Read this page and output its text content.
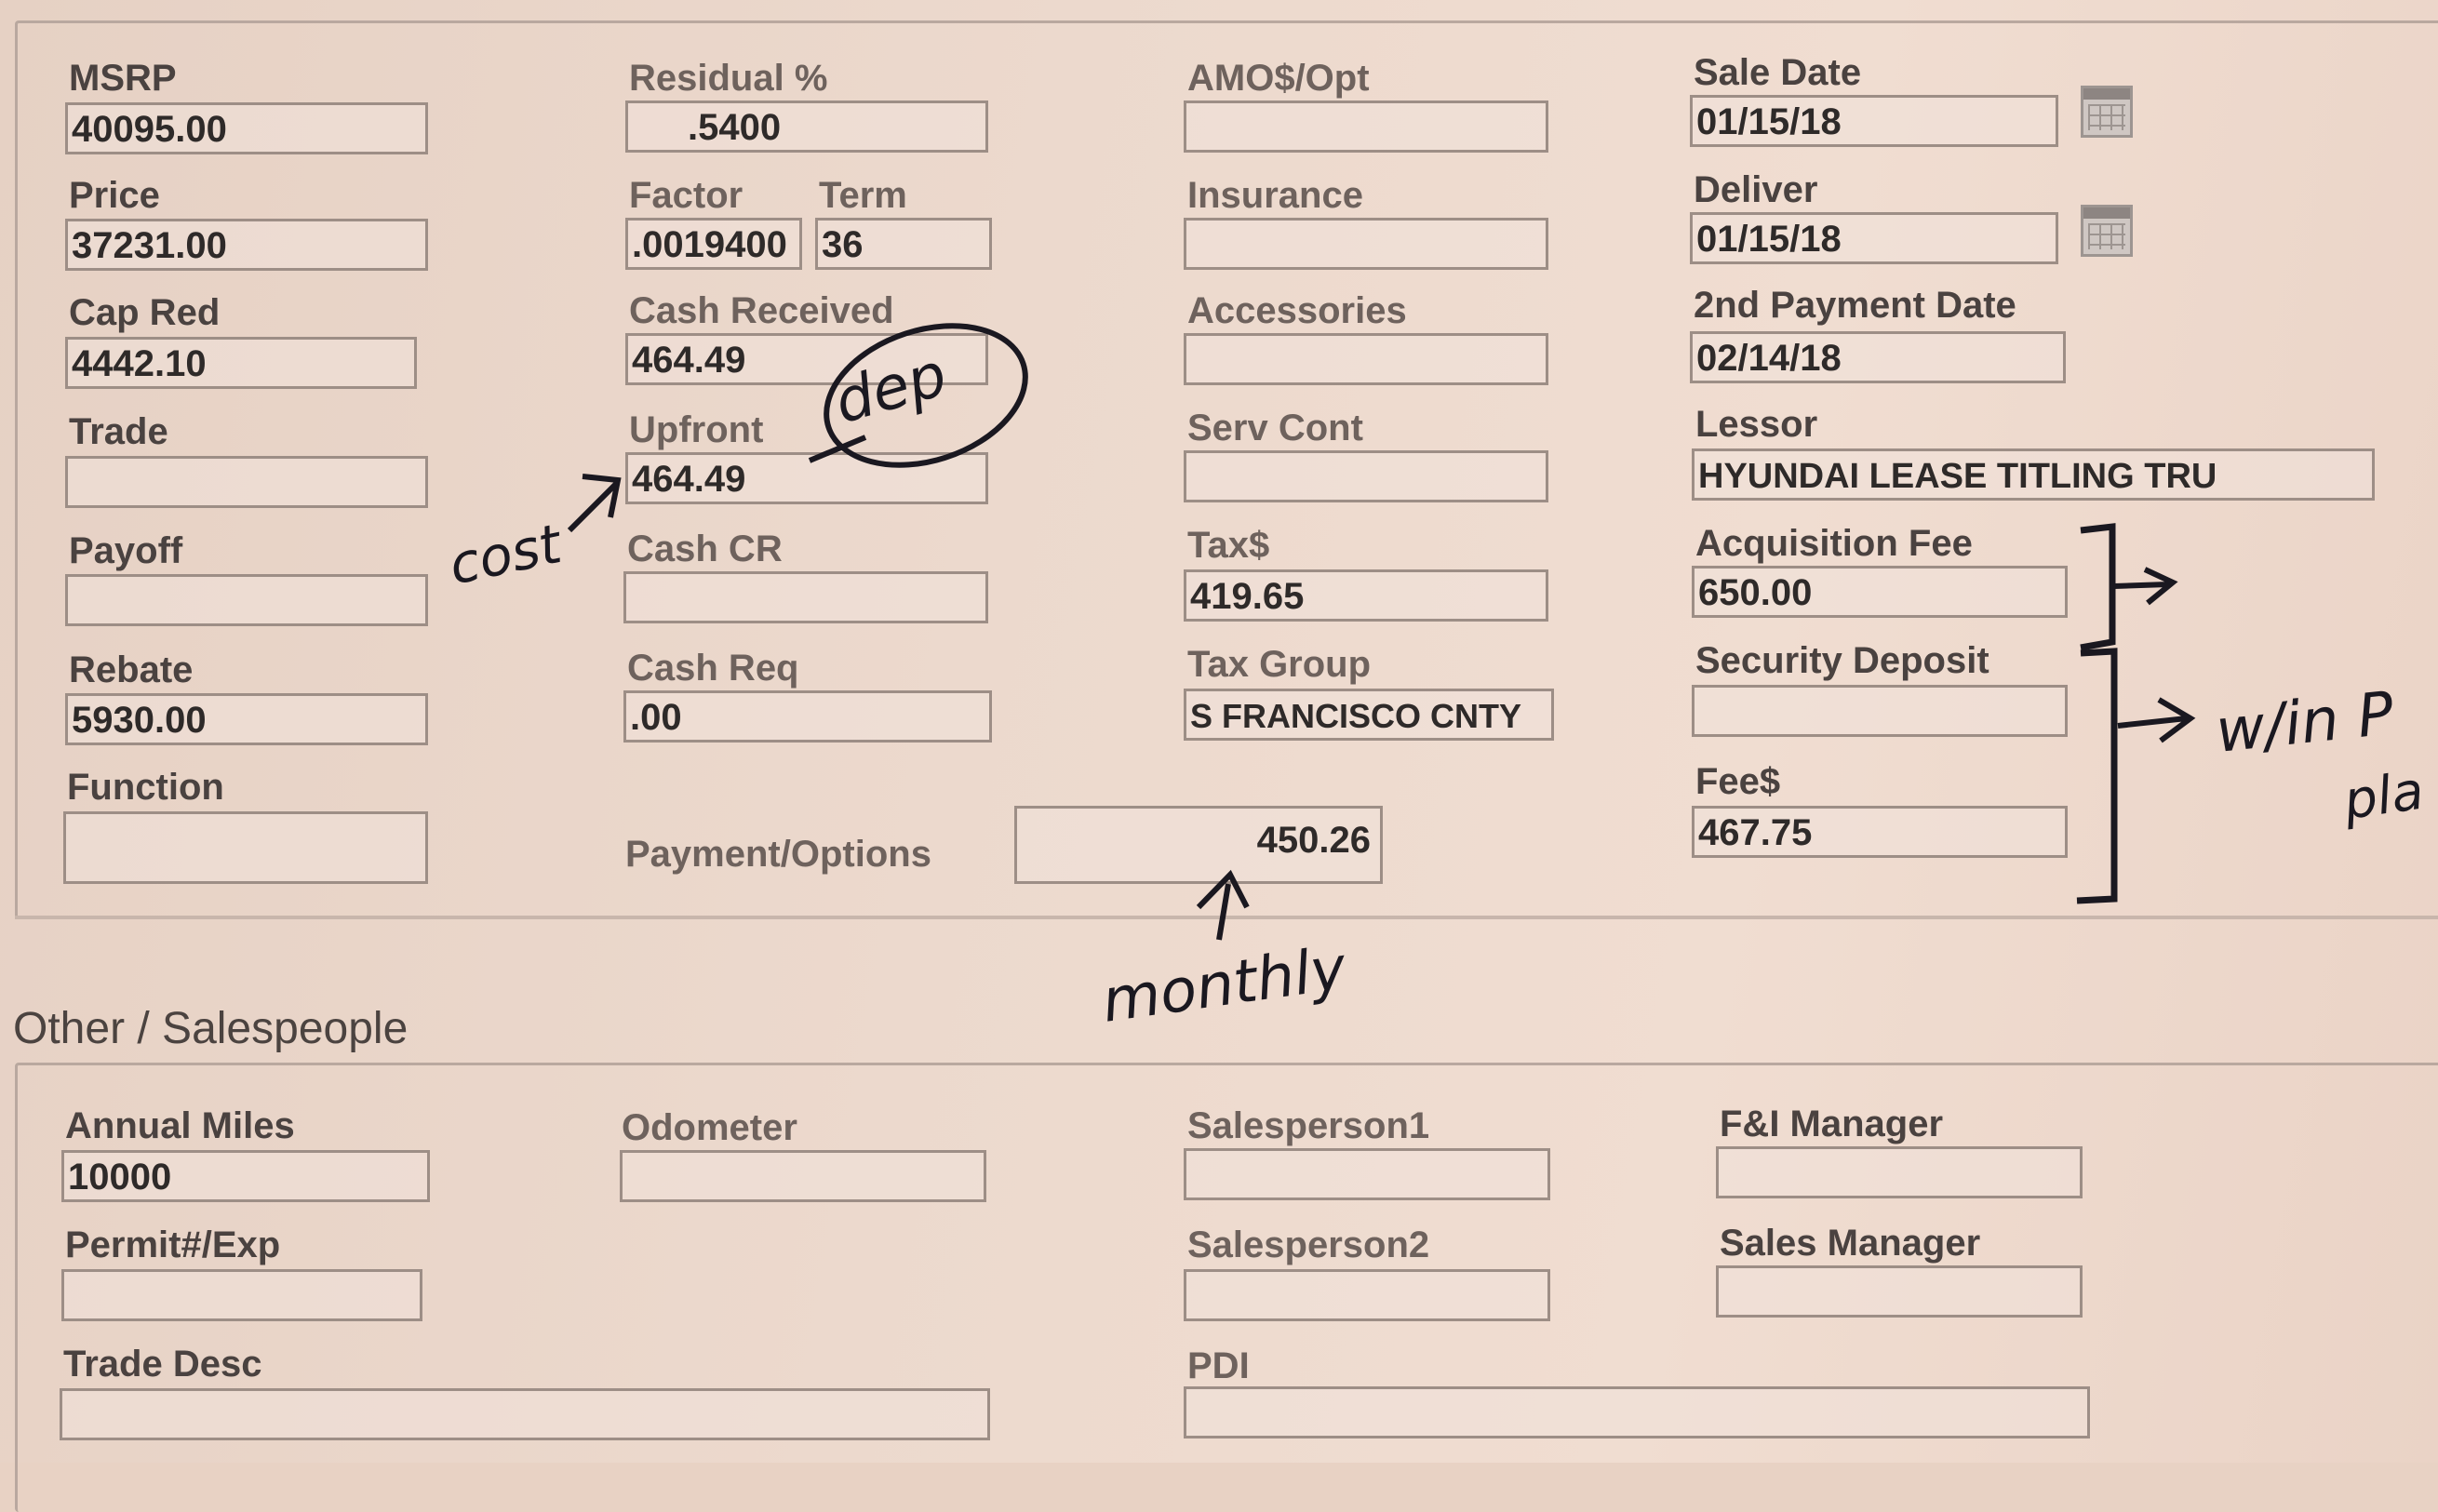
MSRP
40095.00
Price
37231.00
Cap Red
4442.10
Trade
Payoff
Rebate
5930.00
Function
Residual %
.5400
Factor Term
.0019400 36
Cash Received
464.49
Upfront
464.49
Cash CR
Cash Req
.00
Payment/Options	450.26
AMO$/Opt
Insurance
Accessories
Serv Cont
Tax$
419.65
Tax Group
S FRANCISCO CNTY
Sale Date
01/15/18
Deliver
01/15/18
2nd Payment Date
02/14/18
Lessor
HYUNDAI LEASE TITLING TRU
Acquisition Fee
650.00
Security Deposit
Fee$
467.75
Other / Salespeople
Annual Miles
10000
Permit#/Exp
Trade Desc
Odometer	Salesperson1
Salesperson2
PDI
F&I Manager
Sales Manager
dep
cost
monthly
w/in P
pla
